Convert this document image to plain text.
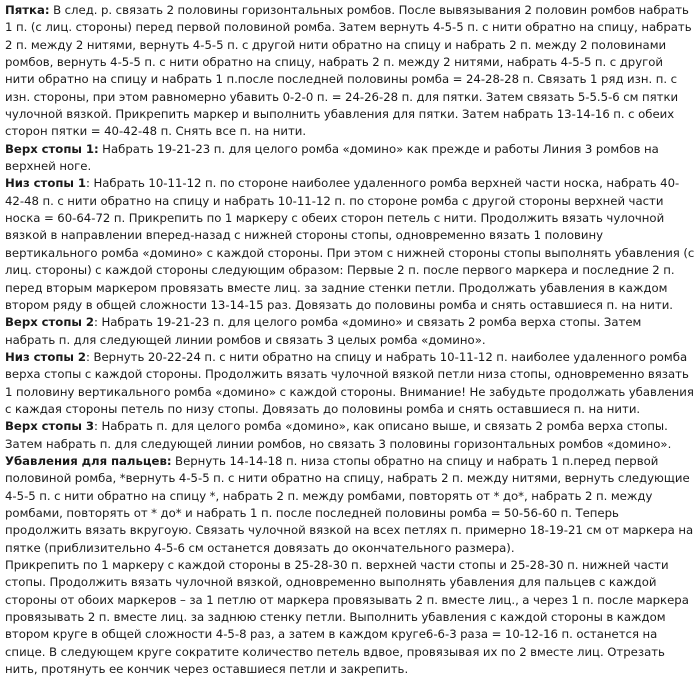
Пятка: В след. р. связать 2 половины горизонтальных ромбов. После вывязывания 2 половин ромбов набрать 1 п. (с лиц. стороны) перед первой половиной ромба. Затем вернуть 4-5-5 п. с нити обратно на спицу, набрать 2 п. между 2 нитями, вернуть 4-5-5 п. с другой нити обратно на спицу и набрать 2 п. между 2 половинами ромбов, вернуть 4-5-5 п. с нити обратно на спицу, набрать 2 п. между 2 нитями, набрать 4-5-5 п. с другой нити обратно на спицу и набрать 1 п.после последней половины ромба = 24-28-28 п. Связать 1 ряд изн. п. с изн. стороны, при этом равномерно убавить 0-2-0 п. = 24-26-28 п. для пятки. Затем связать 5-5.5-6 см пятки чулочной вязкой. Прикрепить маркер и выполнить убавления для пятки. Затем набрать 13-14-16 п. с обеих сторон пятки = 40-42-48 п. Снять все п. на нити.

Верх стопы 1: Набрать 19-21-23 п. для целого ромба «домино» как прежде и работы Линия 3 ромбов на верхней ноге.

Низ стопы 1: Набрать 10-11-12 п. по стороне наиболее удаленного ромба верхней части носка, набрать 40-42-48 п. с нити обратно на спицу и набрать 10-11-12 п. по стороне ромба с другой стороны верхней части носка = 60-64-72 п. Прикрепить по 1 маркеру с обеих сторон петель с нити. Продолжить вязать чулочной вязкой в направлении вперед-назад с нижней стороны стопы, одновременно вязать 1 половину вертикального ромба «домино» с каждой стороны. При этом с нижней стороны стопы выполнять убавления (с лиц. стороны) с каждой стороны следующим образом: Первые 2 п. после первого маркера и последние 2 п. перед вторым маркером провязать вместе лиц. за задние стенки петли. Продолжать убавления в каждом втором ряду в общей сложности 13-14-15 раз. Довязать до половины ромба и снять оставшиеся п. на нити.

Верх стопы 2: Набрать 19-21-23 п. для целого ромба «домино» и связать 2 ромба верха стопы. Затем набрать п. для следующей линии ромбов и связать 3 целых ромба «домино».

Низ стопы 2: Вернуть 20-22-24 п. с нити обратно на спицу и набрать 10-11-12 п. наиболее удаленного ромба верха стопы с каждой стороны. Продолжить вязать чулочной вязкой петли низа стопы, одновременно вязать 1 половину вертикального ромба «домино» с каждой стороны. Внимание! Не забудьте продолжать убавления с каждая стороны петель по низу стопы. Довязать до половины ромба и снять оставшиеся п. на нити.

Верх стопы 3: Набрать п. для целого ромба «домино», как описано выше, и связать 2 ромба верха стопы. Затем набрать п. для следующей линии ромбов, но связать 3 половины горизонтальных ромбов «домино».

Убавления для пальцев: Вернуть 14-14-18 п. низа стопы обратно на спицу и набрать 1 п.перед первой половиной ромба, *вернуть 4-5-5 п. с нити обратно на спицу, набрать 2 п. между нитями, вернуть следующие 4-5-5 п. с нити обратно на спицу *, набрать 2 п. между ромбами, повторять от * до*, набрать 2 п. между ромбами, повторять от * до* и набрать 1 п. после последней половины ромба = 50-56-60 п. Теперь продолжить вязать вкругоую. Связать чулочной вязкой на всех петлях п. примерно 18-19-21 см от маркера на пятке (приблизительно 4-5-6 см останется довязать до окончательного размера).

Прикрепить по 1 маркеру с каждой стороны в 25-28-30 п. верхней части стопы и 25-28-30 п. нижней части стопы. Продолжить вязать чулочной вязкой, одновременно выполнять убавления для пальцев с каждой стороны от обоих маркеров – за 1 петлю от маркера провязывать 2 п. вместе лиц., а через 1 п. после маркера провязывать 2 п. вместе лиц. за заднюю стенку петли. Выполнить убавления с каждой стороны в каждом втором круге в общей сложности 4-5-8 раз, а затем в каждом круге6-6-3 раза = 10-12-16 п. останется на спице. В следующем круге сократите количество петель вдвое, провязывая их по 2 вместе лиц. Отрезать нить, протянуть ее кончик через оставшиеся петли и закрепить.
